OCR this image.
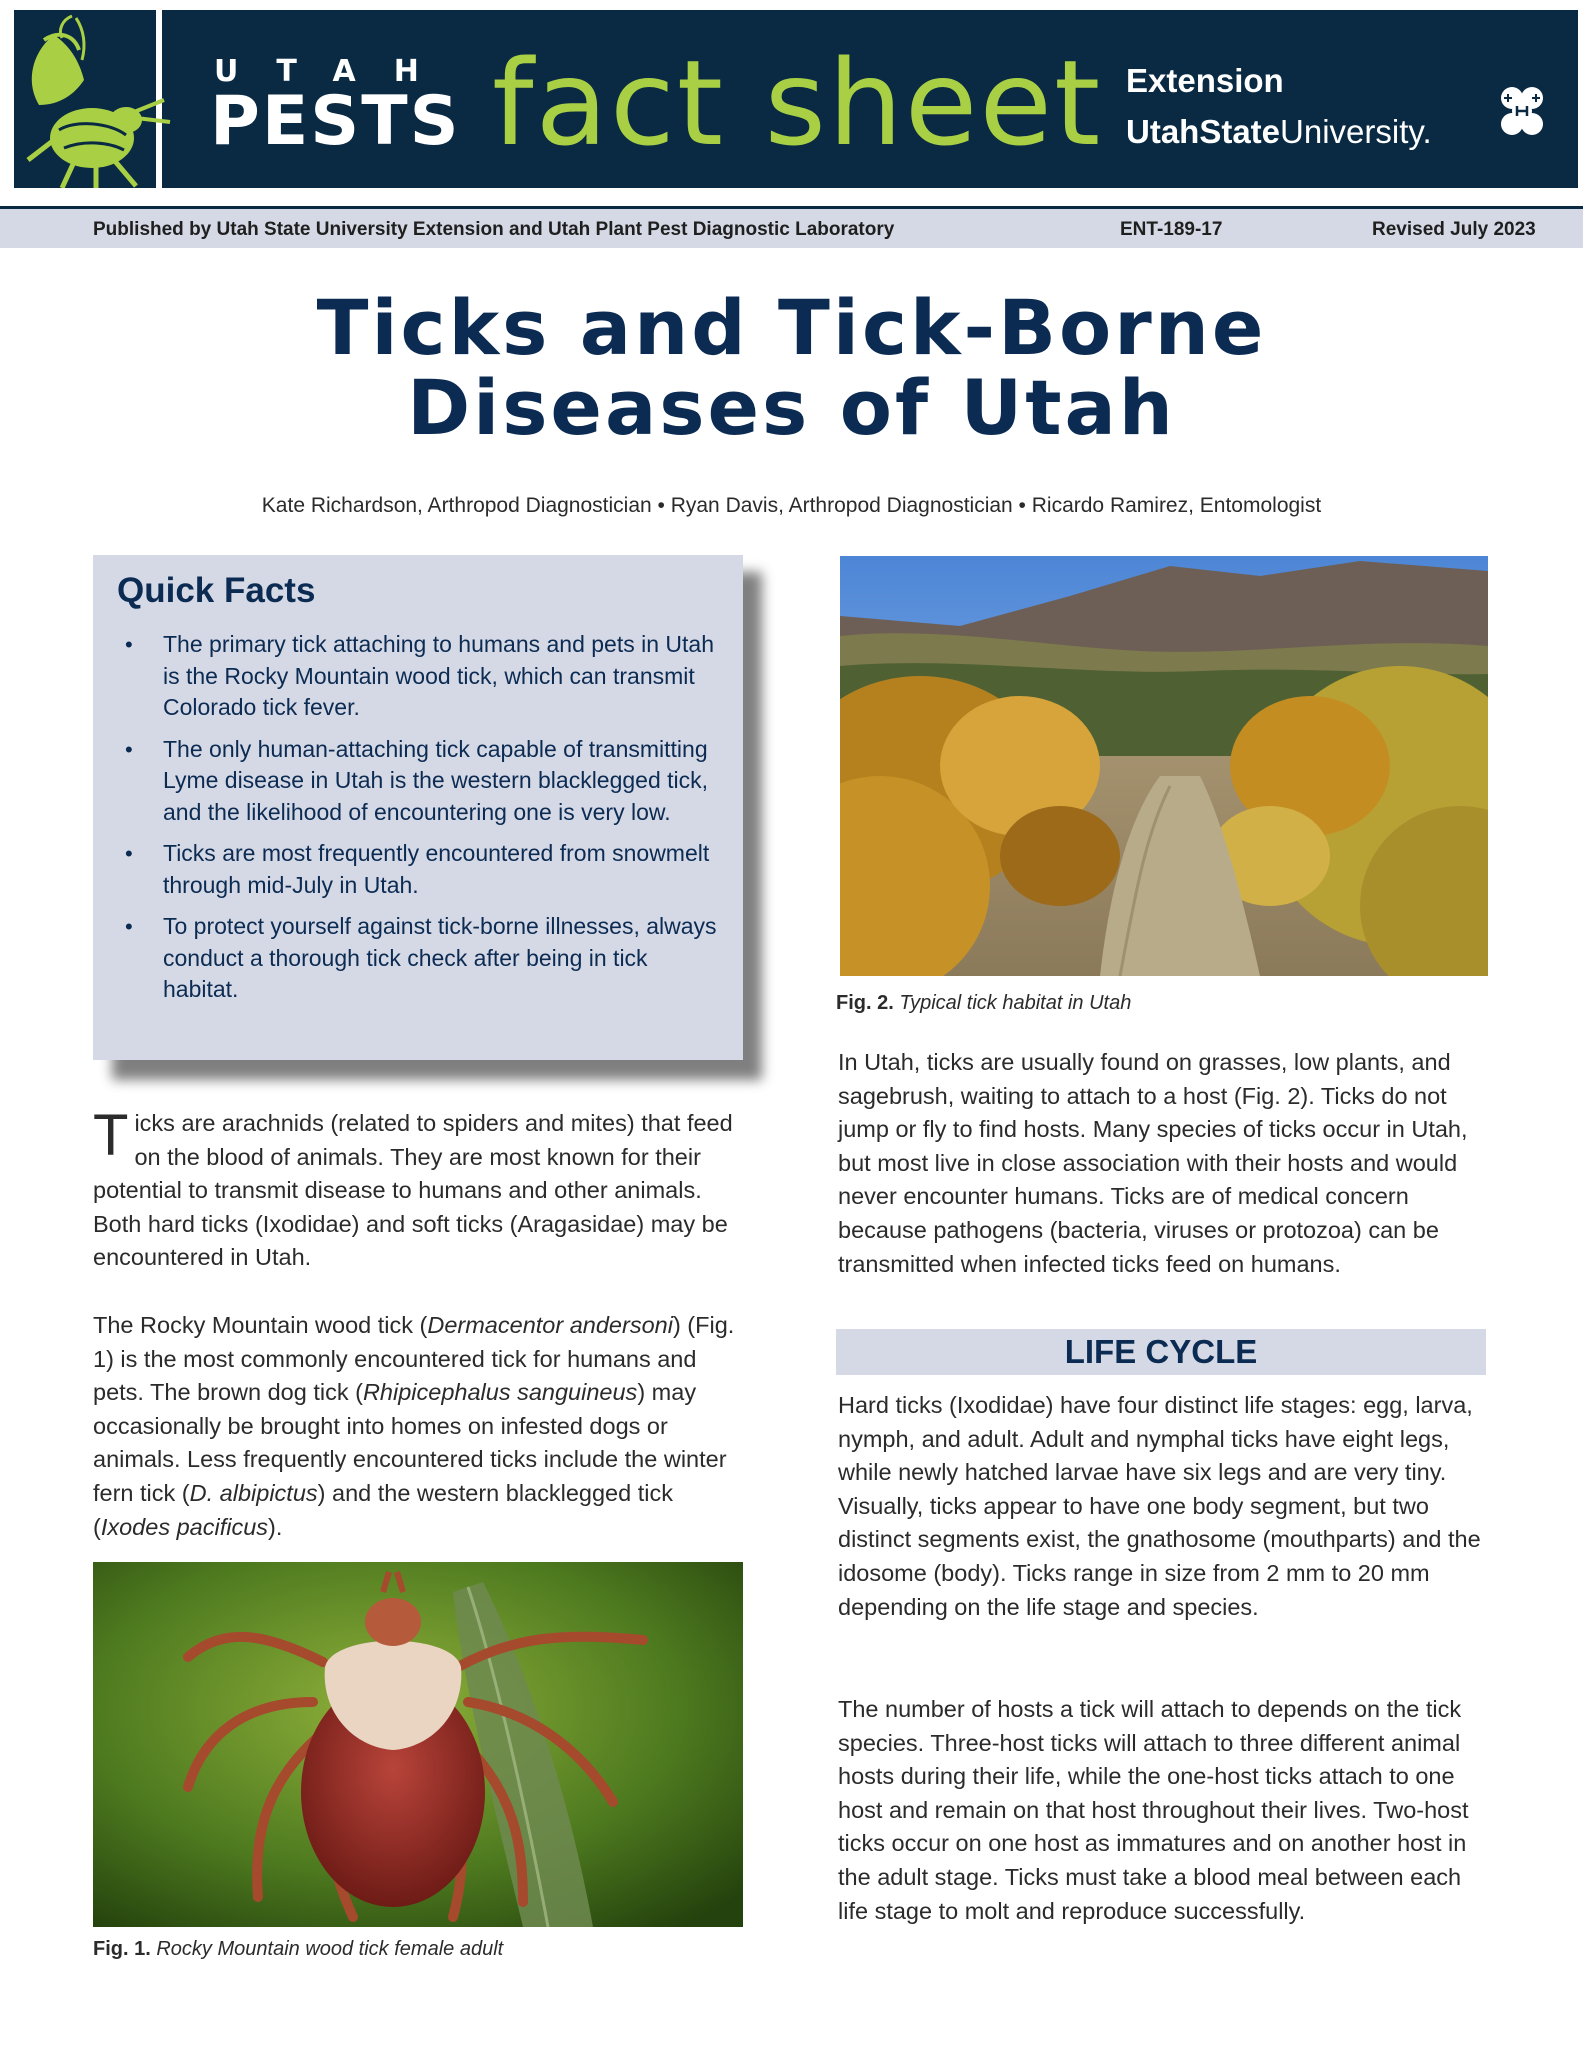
UTAH
PESTS fact sheet Extension
UtahStateUniversity.
Published by Utah State University Extension and Utah Plant Pest Diagnostic Laboratory	ENT-189-17	Revised July 2023
Ticks and Tick-Borne
Diseases of Utah
Kate Richardson, Arthropod Diagnostician • Ryan Davis, Arthropod Diagnostician • Ricardo Ramirez, Entomologist
Quick Facts
• The primary tick attaching to humans and pets in Utah is the Rocky Mountain wood tick, which can transmit Colorado tick fever.
• The only human-attaching tick capable of transmitting Lyme disease in Utah is the western blacklegged tick, and the likelihood of encountering one is very low.
• Ticks are most frequently encountered from snowmelt through mid-July in Utah.
• To protect yourself against tick-borne illnesses, always conduct a thorough tick check after being in tick habitat.
Ticks are arachnids (related to spiders and mites) that feed on the blood of animals. They are most known for their potential to transmit disease to humans and other animals. Both hard ticks (Ixodidae) and soft ticks (Aragasidae) may be encountered in Utah.
The Rocky Mountain wood tick (Dermacentor andersoni) (Fig. 1) is the most commonly encountered tick for humans and pets. The brown dog tick (Rhipicephalus sanguineus) may occasionally be brought into homes on infested dogs or animals. Less frequently encountered ticks include the winter fern tick (D. albipictus) and the western blacklegged tick (Ixodes pacificus).
Fig. 1. Rocky Mountain wood tick female adult
Fig. 2. Typical tick habitat in Utah
In Utah, ticks are usually found on grasses, low plants, and sagebrush, waiting to attach to a host (Fig. 2). Ticks do not jump or fly to find hosts. Many species of ticks occur in Utah, but most live in close association with their hosts and would never encounter humans. Ticks are of medical concern because pathogens (bacteria, viruses or protozoa) can be transmitted when infected ticks feed on humans.
LIFE CYCLE
Hard ticks (Ixodidae) have four distinct life stages: egg, larva, nymph, and adult. Adult and nymphal ticks have eight legs, while newly hatched larvae have six legs and are very tiny. Visually, ticks appear to have one body segment, but two distinct segments exist, the gnathosome (mouthparts) and the idosome (body). Ticks range in size from 2 mm to 20 mm depending on the life stage and species.
The number of hosts a tick will attach to depends on the tick species. Three-host ticks will attach to three different animal hosts during their life, while the one-host ticks attach to one host and remain on that host throughout their lives. Two-host ticks occur on one host as immatures and on another host in the adult stage. Ticks must take a blood meal between each life stage to molt and reproduce successfully.
